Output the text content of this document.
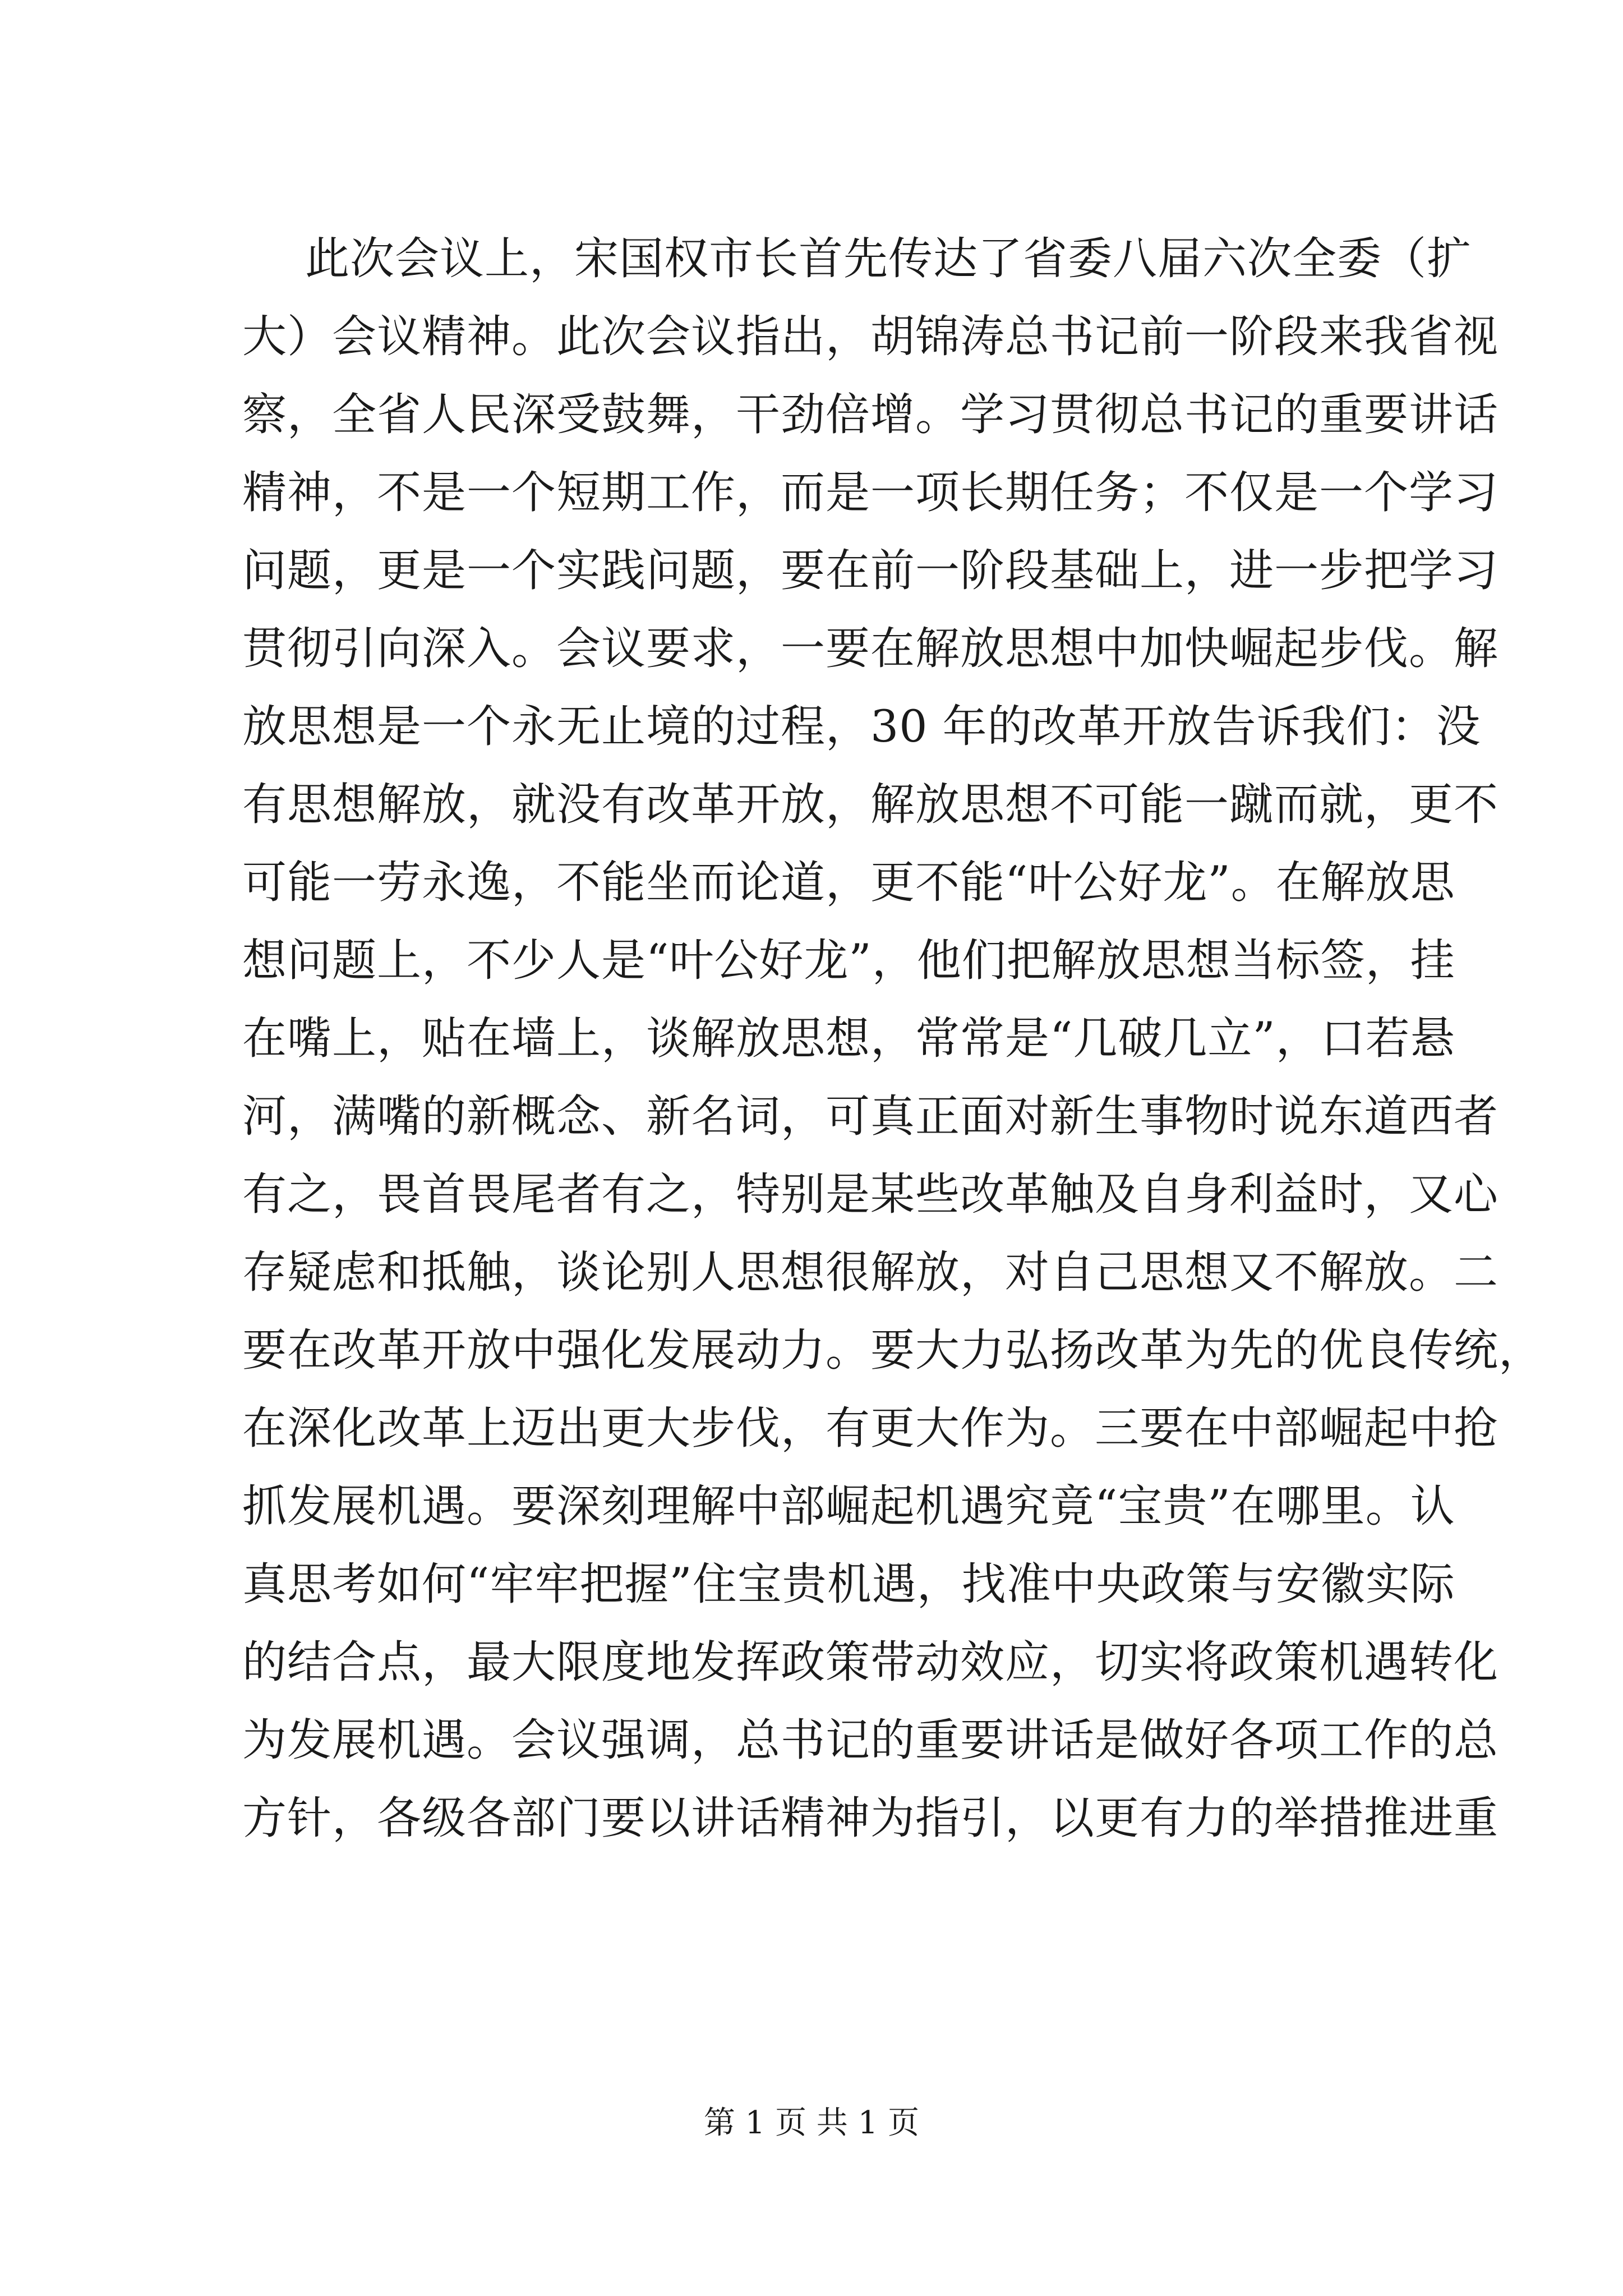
此次会议上，宋国权市长首先传达了省委八届六次全委（扩
大）会议精神。此次会议指出，胡锦涛总书记前一阶段来我省视
察，全省人民深受鼓舞，干劲倍增。学习贯彻总书记的重要讲话
精神，不是一个短期工作，而是一项长期任务；不仅是一个学习
问题，更是一个实践问题，要在前一阶段基础上，进一步把学习
贯彻引向深入。会议要求，一要在解放思想中加快崛起步伐。解
放思想是一个永无止境的过程，30 年的改革开放告诉我们：没
有思想解放，就没有改革开放，解放思想不可能一蹴而就，更不
可能一劳永逸，不能坐而论道，更不能“叶公好龙”。在解放思
想问题上，不少人是“叶公好龙”，他们把解放思想当标签，挂
在嘴上，贴在墙上，谈解放思想，常常是“几破几立”，口若悬
河，满嘴的新概念、新名词，可真正面对新生事物时说东道西者
有之，畏首畏尾者有之，特别是某些改革触及自身利益时，又心
存疑虑和抵触，谈论别人思想很解放，对自己思想又不解放。二
要在改革开放中强化发展动力。要大力弘扬改革为先的优良传统，
在深化改革上迈出更大步伐，有更大作为。三要在中部崛起中抢
抓发展机遇。要深刻理解中部崛起机遇究竟“宝贵”在哪里。认
真思考如何“牢牢把握”住宝贵机遇，找准中央政策与安徽实际
的结合点，最大限度地发挥政策带动效应，切实将政策机遇转化
为发展机遇。会议强调，总书记的重要讲话是做好各项工作的总
方针，各级各部门要以讲话精神为指引，以更有力的举措推进重
第 1 页 共 1 页
